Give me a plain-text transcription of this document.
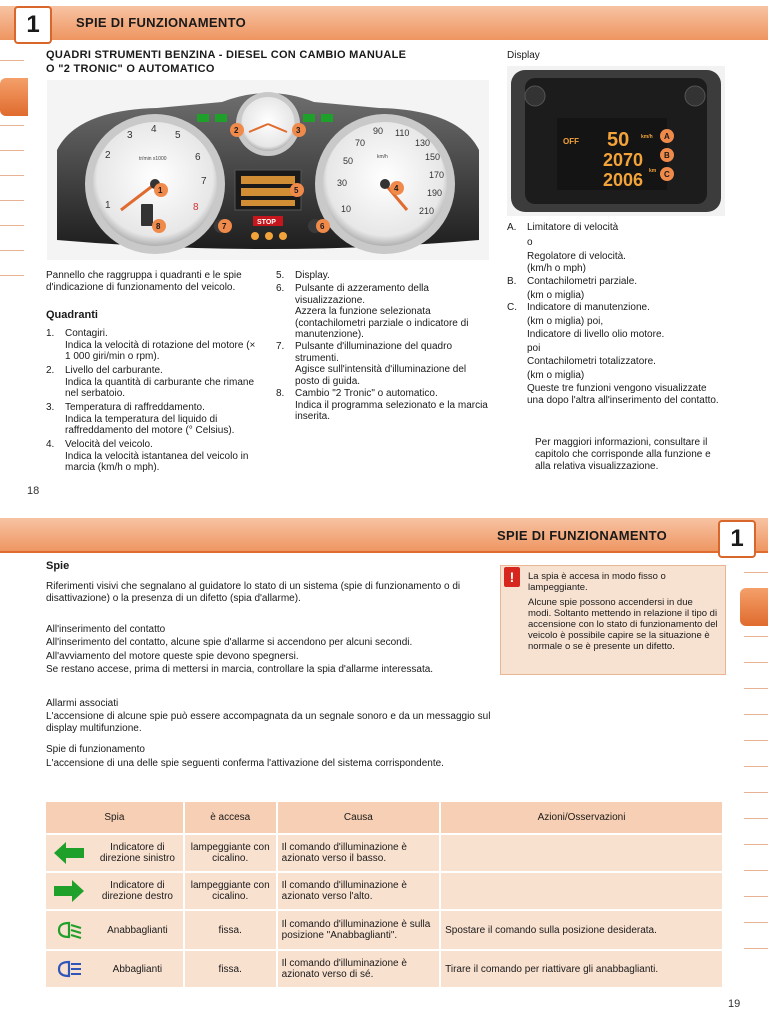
1	SPIE DI FUNZIONAMENTO
QUADRI STRUMENTI BENZINA - DIESEL CON CAMBIO MANUALE
O "2 TRONIC" O AUTOMATICO
Display
tr/min x1000
1
2
3
4
5
6
7
8
km/h
10
30
50
70
90 110
130
150
170
190
210
STOP
1
2	3
4
5
6
7
8
OFF 50 km/h
2070
2006 km
A
B
C
Pannello che raggruppa i quadranti e le spie d'indicazione di funzionamento del veicolo.
Quadranti
1. Contagiri.
Indica la velocità di rotazione del motore (× 1 000 giri/min o rpm).
2. Livello del carburante.
Indica la quantità di carburante che rimane nel serbatoio.
3. Temperatura di raffreddamento.
Indica la temperatura del liquido di raffreddamento del motore (° Celsius).
4. Velocità del veicolo.
Indica la velocità istantanea del veicolo in marcia (km/h o mph).
5. Display.
6.	Pulsante di azzeramento della visualizzazione.
Azzera la funzione selezionata (contachilometri parziale o indicatore di manutenzione).
7.	Pulsante d'illuminazione del quadro strumenti.
Agisce sull'intensità d'illuminazione del posto di guida.
8.	Cambio "2 Tronic" o automatico.
Indica il programma selezionato e la marcia inserita.
A.	Limitatore di velocità
o
Regolatore di velocità.
(km/h o mph)
B.	Contachilometri parziale.
(km o miglia)
C.	Indicatore di manutenzione.
(km o miglia) poi,
Indicatore di livello olio motore.
poi
Contachilometri totalizzatore.
(km o miglia)
Queste tre funzioni vengono visualizzate una dopo l'altra all'inserimento del contatto.
Per maggiori informazioni, consultare il capitolo che corrisponde alla funzione e alla relativa visualizzazione.
18
SPIE DI FUNZIONAMENTO	1
Spie
Riferimenti visivi che segnalano al guidatore lo stato di un sistema (spie di funzionamento o di disattivazione) o la presenza di un difetto (spia d'allarme).
All'inserimento del contatto
All'inserimento del contatto, alcune spie d'allarme si accendono per alcuni secondi.
All'avviamento del motore queste spie devono spegnersi.
Se restano accese, prima di mettersi in marcia, controllare la spia d'allarme interessata.
Allarmi associati
L'accensione di alcune spie può essere accompagnata da un segnale sonoro e da un messaggio sul display multifunzione.
Spie di funzionamento
L'accensione di una delle spie seguenti conferma l'attivazione del sistema corrispondente.
!	La spia è accesa in modo fisso o lampeggiante.
Alcune spie possono accendersi in due modi. Soltanto mettendo in relazione il tipo di accensione con lo stato di funzionamento del veicolo è possibile capire se la situazione è normale o se è presente un difetto.
Spia	è accesa	Causa	Azioni/Osservazioni

Indicatore di direzione sinistro	lampeggiante con cicalino.	Il comando d'illuminazione è azionato verso il basso.	

Indicatore di direzione destro	lampeggiante con cicalino.	Il comando d'illuminazione è azionato verso l'alto.	

Anabbaglianti	fissa.	Il comando d'illuminazione è sulla posizione "Anabbaglianti".	Spostare il comando sulla posizione desiderata.

Abbaglianti	fissa.	Il comando d'illuminazione è azionato verso di sé.	Tirare il comando per riattivare gli anabbaglianti.
19
